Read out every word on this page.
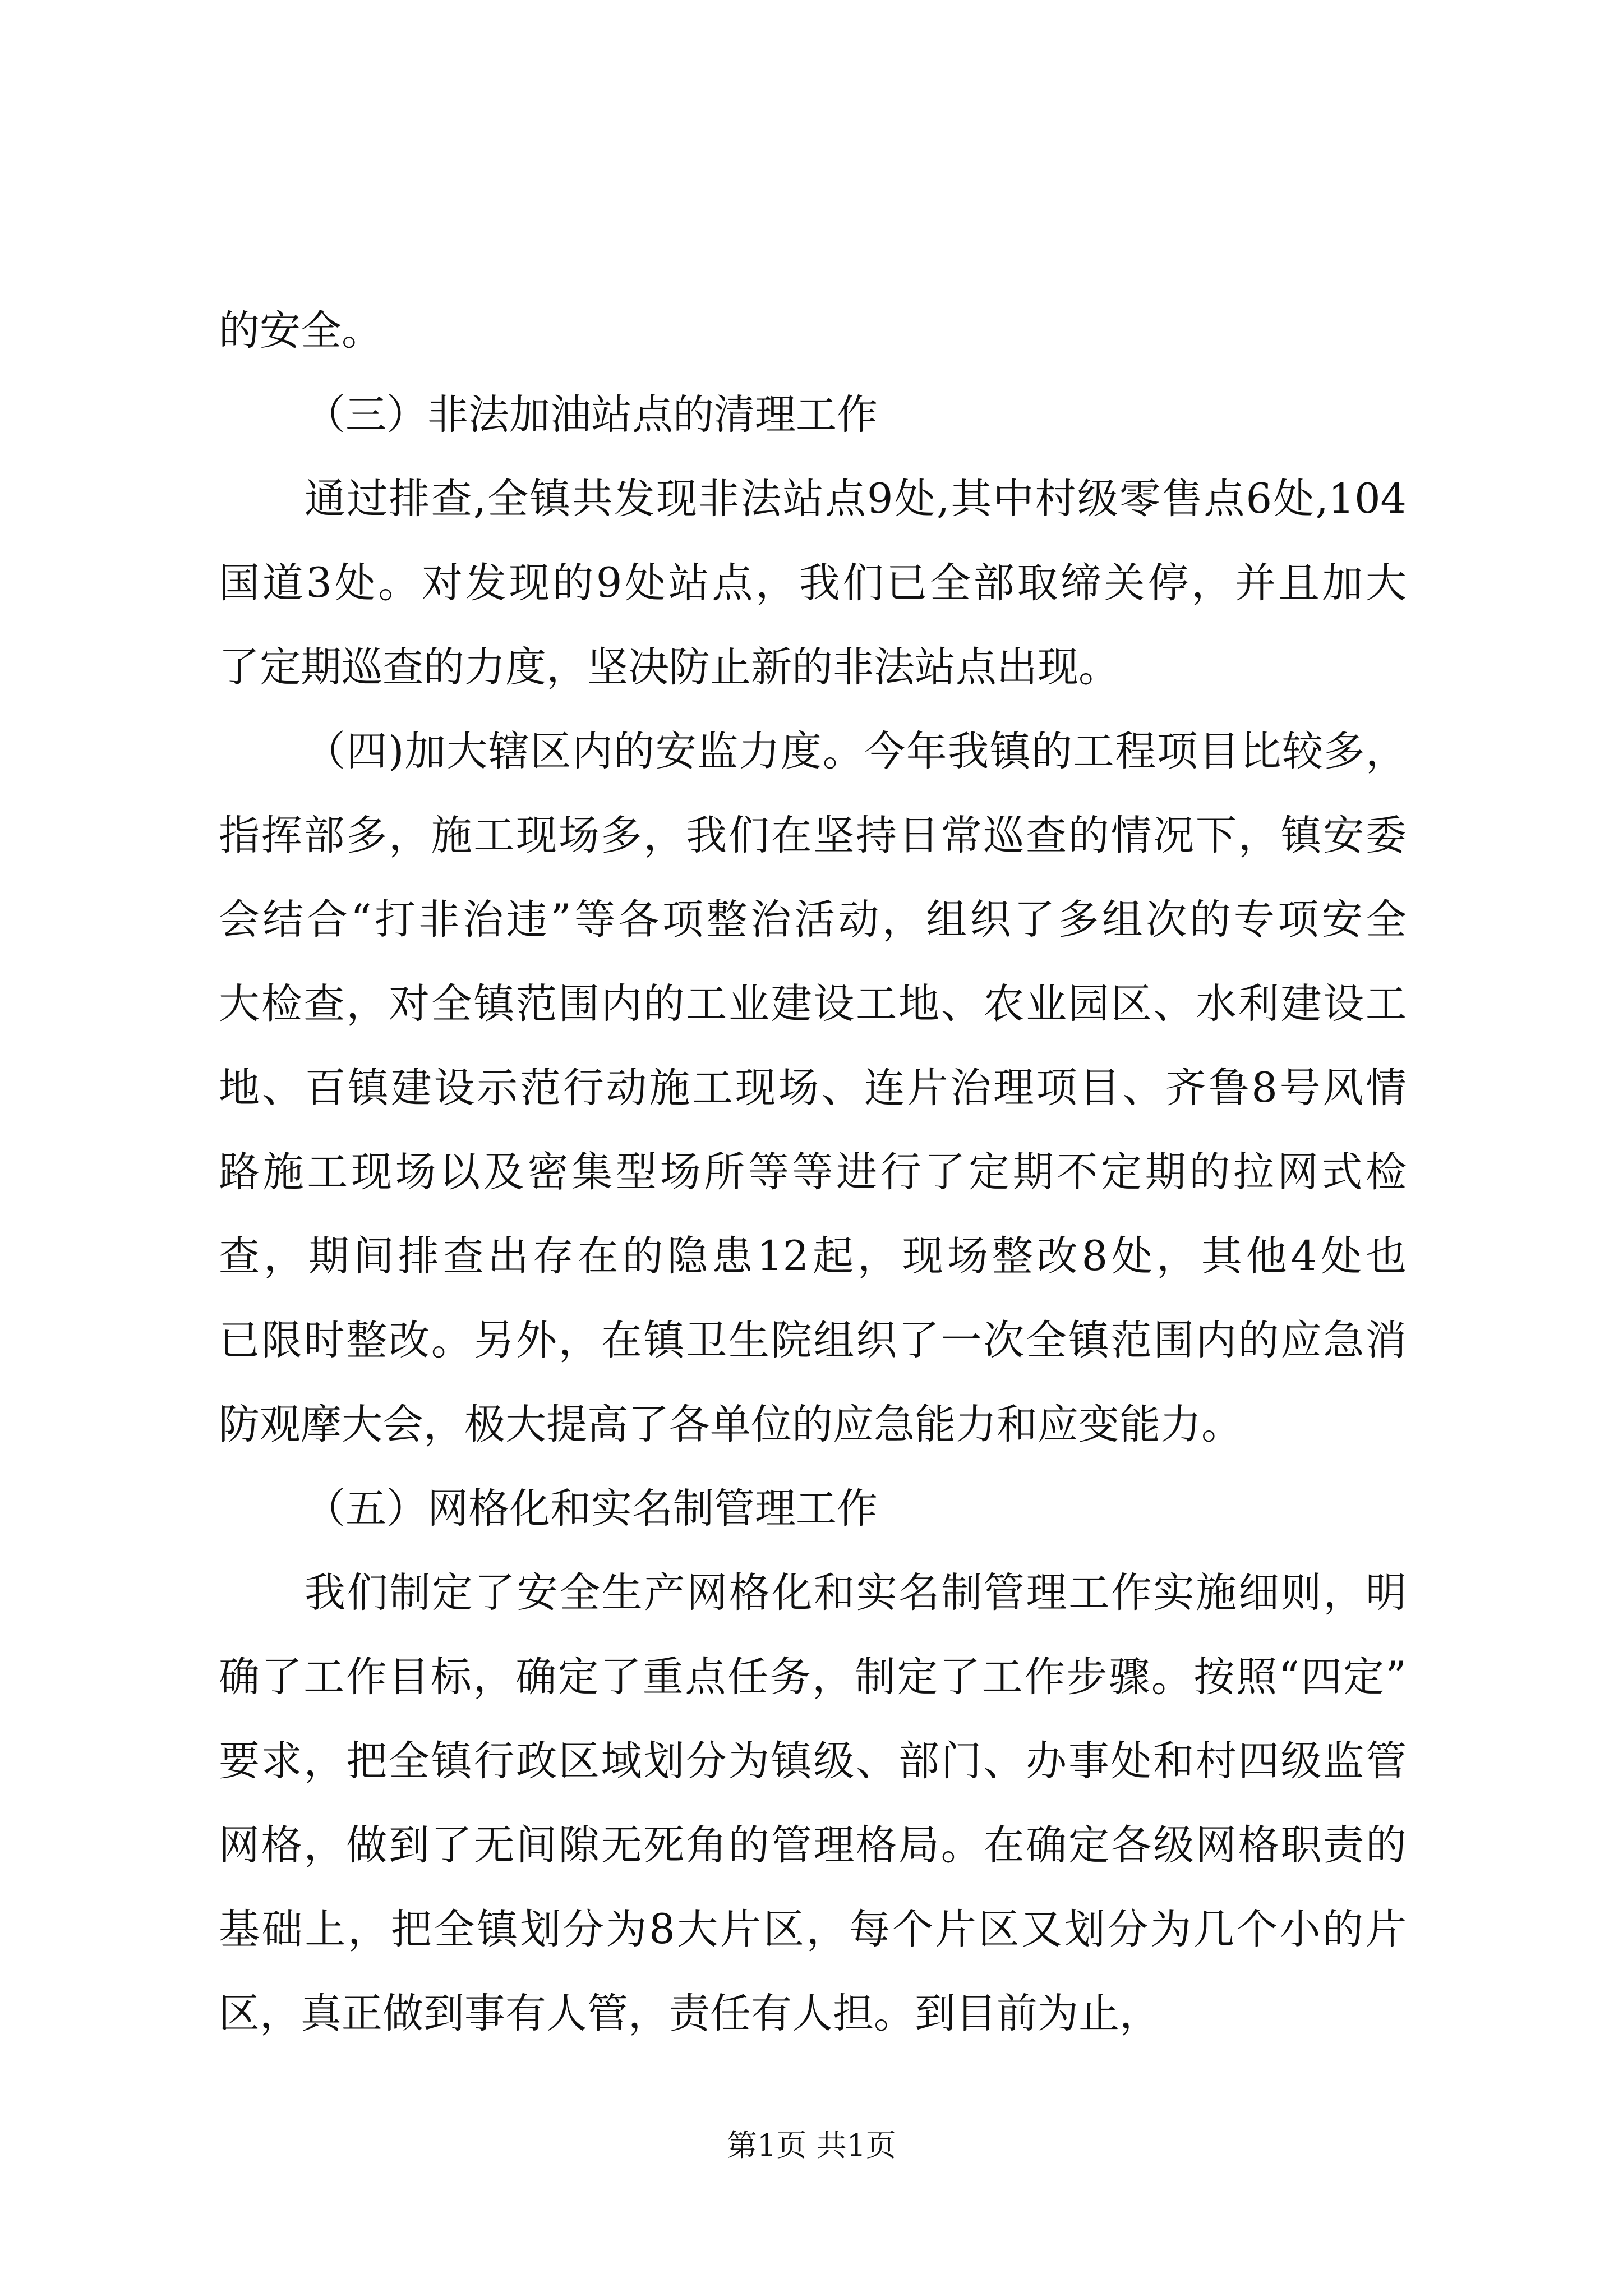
的安全。
（三）非法加油站点的清理工作
通过排查,全镇共发现非法站点9处,其中村级零售点6处,104
国道3处。对发现的9处站点，我们已全部取缔关停，并且加大
了定期巡查的力度，坚决防止新的非法站点出现。
（四)加大辖区内的安监力度。今年我镇的工程项目比较多，
指挥部多，施工现场多，我们在坚持日常巡查的情况下，镇安委
会结合“打非治违”等各项整治活动，组织了多组次的专项安全
大检查，对全镇范围内的工业建设工地、农业园区、水利建设工
地、百镇建设示范行动施工现场、连片治理项目、齐鲁8号风情
路施工现场以及密集型场所等等进行了定期不定期的拉网式检
查，期间排查出存在的隐患12起，现场整改8处，其他4处也
已限时整改。另外，在镇卫生院组织了一次全镇范围内的应急消
防观摩大会，极大提高了各单位的应急能力和应变能力。
（五）网格化和实名制管理工作
我们制定了安全生产网格化和实名制管理工作实施细则，明
确了工作目标，确定了重点任务，制定了工作步骤。按照“四定”
要求，把全镇行政区域划分为镇级、部门、办事处和村四级监管
网格，做到了无间隙无死角的管理格局。在确定各级网格职责的
基础上，把全镇划分为8大片区，每个片区又划分为几个小的片
区，真正做到事有人管，责任有人担。到目前为止，
第1页 共1页
